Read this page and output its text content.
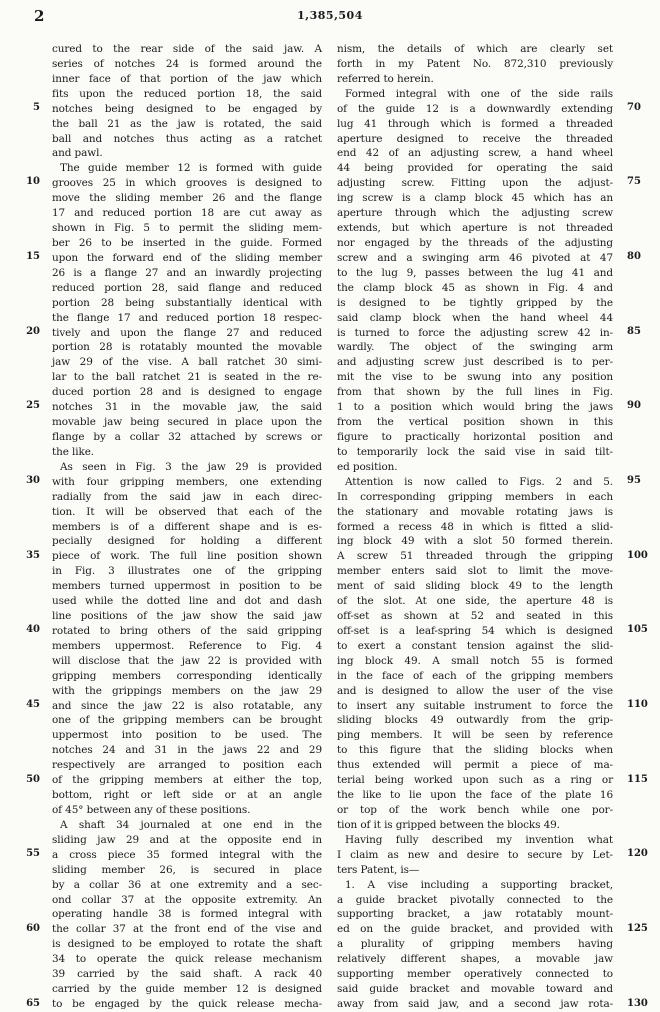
2	1,385,504
cured to the rear side of the said jaw. A
series of notches 24 is formed around the
inner face of that portion of the jaw which
fits upon the reduced portion 18, the said
notches being designed to be engaged by
5
the ball 21 as the jaw is rotated, the said
ball and notches thus acting as a ratchet
and pawl.
The guide member 12 is formed with guide
grooves 25 in which grooves is designed to
10
move the sliding member 26 and the flange
17 and reduced portion 18 are cut away as
shown in Fig. 5 to permit the sliding mem-
ber 26 to be inserted in the guide. Formed
upon the forward end of the sliding member
15
26 is a flange 27 and an inwardly projecting
reduced portion 28, said flange and reduced
portion 28 being substantially identical with
the flange 17 and reduced portion 18 respec-
tively and upon the flange 27 and reduced
20
portion 28 is rotatably mounted the movable
jaw 29 of the vise. A ball ratchet 30 simi-
lar to the ball ratchet 21 is seated in the re-
duced portion 28 and is designed to engage
notches 31 in the movable jaw, the said
25
movable jaw being secured in place upon the
flange by a collar 32 attached by screws or
the like.
As seen in Fig. 3 the jaw 29 is provided
with four gripping members, one extending
30
radially from the said jaw in each direc-
tion. It will be observed that each of the
members is of a different shape and is es-
pecially designed for holding a different
piece of work. The full line position shown
35
in Fig. 3 illustrates one of the gripping
members turned uppermost in position to be
used while the dotted line and dot and dash
line positions of the jaw show the said jaw
rotated to bring others of the said gripping
40
members uppermost. Reference to Fig. 4
will disclose that the jaw 22 is provided with
gripping members corresponding identically
with the grippings members on the jaw 29
and since the jaw 22 is also rotatable, any
45
one of the gripping members can be brought
uppermost into position to be used. The
notches 24 and 31 in the jaws 22 and 29
respectively are arranged to position each
of the gripping members at either the top,
50
bottom, right or left side or at an angle
of 45° between any of these positions.
A shaft 34 journaled at one end in the
sliding jaw 29 and at the opposite end in
a cross piece 35 formed integral with the
55
sliding member 26, is secured in place
by a collar 36 at one extremity and a sec-
ond collar 37 at the opposite extremity. An
operating handle 38 is formed integral with
the collar 37 at the front end of the vise and
60
is designed to be employed to rotate the shaft
34 to operate the quick release mechanism
39 carried by the said shaft. A rack 40
carried by the guide member 12 is designed
to be engaged by the quick release mecha-
65
nism, the details of which are clearly set
forth in my Patent No. 872,310 previously
referred to herein.
Formed integral with one of the side rails
of the guide 12 is a downwardly extending 70
lug 41 through which is formed a threaded
aperture designed to receive the threaded
end 42 of an adjusting screw, a hand wheel
44 being provided for operating the said
adjusting screw. Fitting upon the adjust- 75
ing screw is a clamp block 45 which has an
aperture through which the adjusting screw
extends, but which aperture is not threaded
nor engaged by the threads of the adjusting
screw and a swinging arm 46 pivoted at 47 80
to the lug 9, passes between the lug 41 and
the clamp block 45 as shown in Fig. 4 and
is designed to be tightly gripped by the
said clamp block when the hand wheel 44
is turned to force the adjusting screw 42 in- 85
wardly. The object of the swinging arm
and adjusting screw just described is to per-
mit the vise to be swung into any position
from that shown by the full lines in Fig.
1 to a position which would bring the jaws 90
from the vertical position shown in this
figure to practically horizontal position and
to temporarily lock the said vise in said tilt-
ed position.
Attention is now called to Figs. 2 and 5. 95
In corresponding gripping members in each
the stationary and movable rotating jaws is
formed a recess 48 in which is fitted a slid-
ing block 49 with a slot 50 formed therein.
A screw 51 threaded through the gripping 100
member enters said slot to limit the move-
ment of said sliding block 49 to the length
of the slot. At one side, the aperture 48 is
off-set as shown at 52 and seated in this
off-set is a leaf-spring 54 which is designed 105
to exert a constant tension against the slid-
ing block 49. A small notch 55 is formed
in the face of each of the gripping members
and is designed to allow the user of the vise
to insert any suitable instrument to force the 110
sliding blocks 49 outwardly from the grip-
ping members. It will be seen by reference
to this figure that the sliding blocks when
thus extended will permit a piece of ma-
terial being worked upon such as a ring or 115
the like to lie upon the face of the plate 16
or top of the work bench while one por-
tion of it is gripped between the blocks 49.
Having fully described my invention what
I claim as new and desire to secure by Let- 120
ters Patent, is—
1. A vise including a supporting bracket,
a guide bracket pivotally connected to the
supporting bracket, a jaw rotatably mount-
ed on the guide bracket, and provided with 125
a plurality of gripping members having
relatively different shapes, a movable jaw
supporting member operatively connected to
said guide bracket and movable toward and
away from said jaw, and a second jaw rota- 130
